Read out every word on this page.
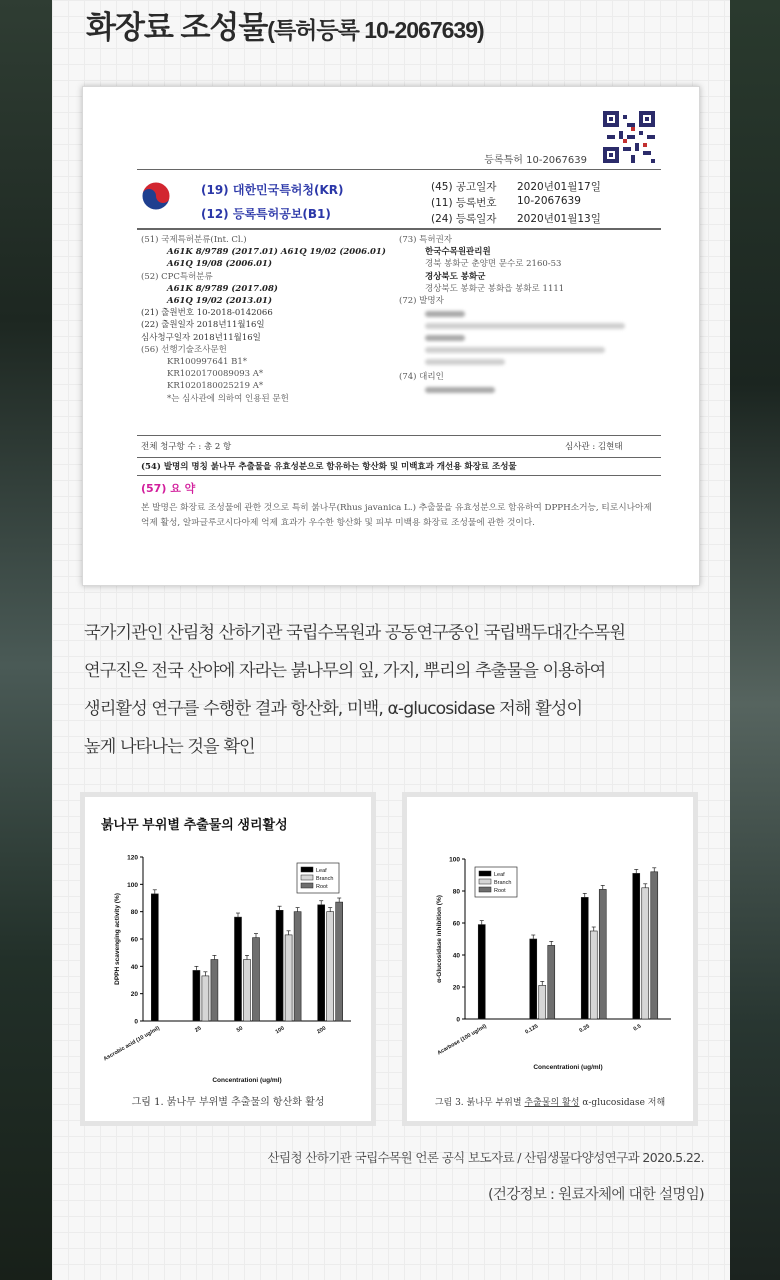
화장료 조성물(특허등록 10-2067639)
등록특허 10-2067639
(19) 대한민국특허청(KR)
(12) 등록특허공보(B1)
(45) 공고일자 2020년01월17일
(11) 등록번호 10-2067639
(24) 등록일자 2020년01월13일
(51) 국제특허분류(Int. Cl.)
A61K 8/9789 (2017.01) A61Q 19/02 (2006.01)
A61Q 19/08 (2006.01)
(52) CPC특허분류
A61K 8/9789 (2017.08)
A61Q 19/02 (2013.01)
(21) 출원번호 10-2018-0142066
(22) 출원일자 2018년11월16일
심사청구일자 2018년11월16일
(56) 선행기술조사문헌
KR100997641 B1*
KR102017008909​3 A*
KR1020180025219 A*
*는 심사관에 의하여 인용된 문헌
(73) 특허권자
한국수목원관리원
경북 봉화군 춘양면 문수로 2160-53
경상북도 봉화군
경상북도 봉화군 봉화읍 봉화로 1111
(72) 발명자
(74) 대리인
전체 청구항 수 : 총 2 항	심사관 : 김현태
(54) 발명의 명칭 붉나무 추출물을 유효성분으로 함유하는 항산화 및 미백효과 개선용 화장료 조성물
(57) 요 약
본 발명은 화장료 조성물에 관한 것으로 특히 붉나무(Rhus javanica L.) 추출물을 유효성분으로 함유하여 DPPH소거능, 티로시나아제 억제 활성, 알파글루코시다아제 억제 효과가 우수한 항산화 및 피부 미백용 화장료 조성물에 관한 것이다.
국가기관인 산림청 산하기관 국립수목원과 공동연구중인 국립백두대간수목원
연구진은 전국 산야에 자라는 붉나무의 잎, 가지, 뿌리의 추출물을 이용하여
생리활성 연구를 수행한 결과 항산화, 미백, α-glucosidase 저해 활성이
높게 나타나는 것을 확인
붉나무 부위별 추출물의 생리활성
0
20
40
60
80
100
120
DPPH scavenging activity (%)
Ascrobic acid (10 ug/ml)	25	50	100	200
Concentrationi (ug/ml)
Leaf
Branch
Root
그림 1. 붉나무 부위별 추출물의 항산화 활성
0
20
40
60
80
100
α-Glucosidase inhibition (%)
Acarbose (100 ug/ml)	0.125	0.25	0.5
Concentrationi (ug/ml)
Leaf
Branch
Root
그림 3. 붉나무 부위별 추출물의 활성 α-glucosidase 저해
산림청 산하기관 국립수목원 언론 공식 보도자료 / 산림생물다양성연구과 2020.5.22.
(건강정보 : 원료자체에 대한 설명임)
